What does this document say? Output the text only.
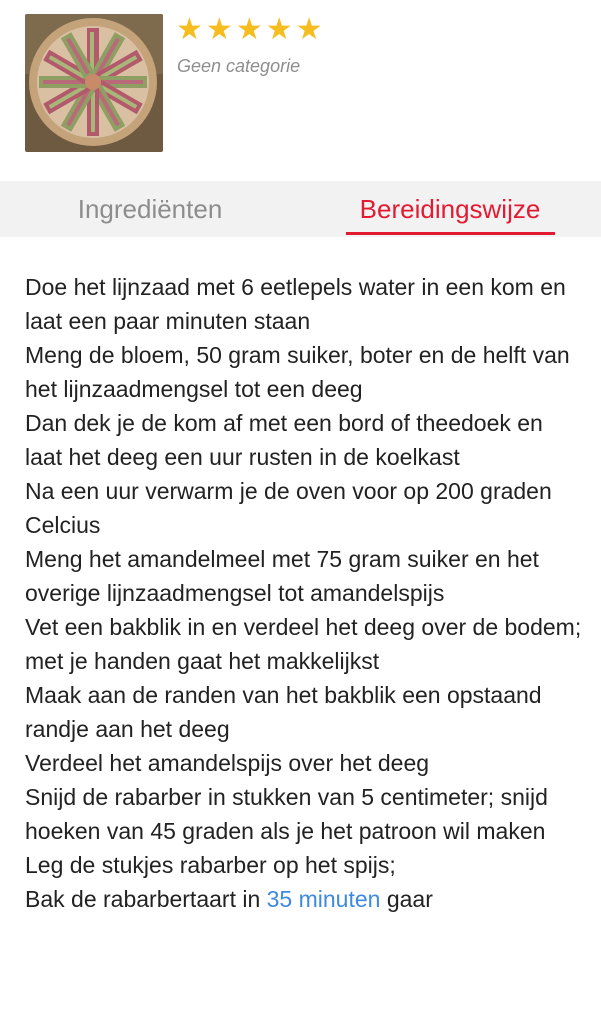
★ ★ ★ ★ ★
Geen categorie
Ingrediënten	Bereidingswijze

Doe het lijnzaad met 6 eetlepels water in een kom en laat een paar minuten staan

Meng de bloem, 50 gram suiker, boter en de helft van het lijnzaadmengsel tot een deeg

Dan dek je de kom af met een bord of theedoek en laat het deeg een uur rusten in de koelkast

Na een uur verwarm je de oven voor op 200 graden Celcius

Meng het amandelmeel met 75 gram suiker en het overige lijnzaadmengsel tot amandelspijs

Vet een bakblik in en verdeel het deeg over de bodem; met je handen gaat het makkelijkst

Maak aan de randen van het bakblik een opstaand randje aan het deeg

Verdeel het amandelspijs over het deeg

Snijd de rabarber in stukken van 5 centimeter; snijd hoeken van 45 graden als je het patroon wil maken

Leg de stukjes rabarber op het spijs;

Bak de rabarbertaart in 35 minuten gaar
